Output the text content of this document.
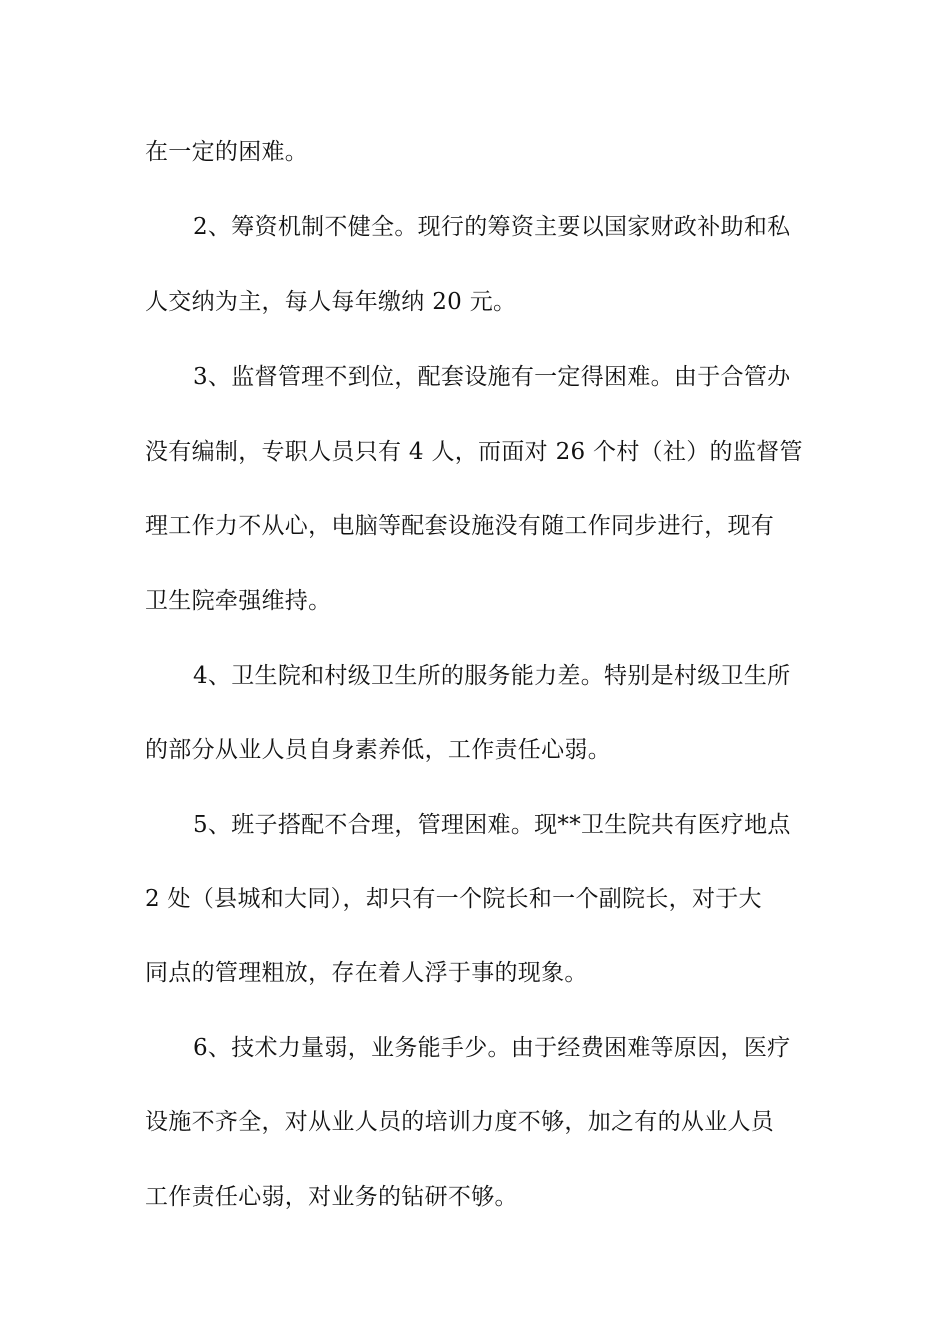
在一定的困难。
2、筹资机制不健全。现行的筹资主要以国家财政补助和私
人交纳为主，每人每年缴纳 20 元。
3、监督管理不到位，配套设施有一定得困难。由于合管办
没有编制，专职人员只有 4 人，而面对 26 个村（社）的监督管
理工作力不从心，电脑等配套设施没有随工作同步进行，现有
卫生院牵强维持。
4、卫生院和村级卫生所的服务能力差。特别是村级卫生所
的部分从业人员自身素养低，工作责任心弱。
5、班子搭配不合理，管理困难。现**卫生院共有医疗地点
2 处（县城和大同），却只有一个院长和一个副院长，对于大
同点的管理粗放，存在着人浮于事的现象。
6、技术力量弱，业务能手少。由于经费困难等原因，医疗
设施不齐全，对从业人员的培训力度不够，加之有的从业人员
工作责任心弱，对业务的钻研不够。
